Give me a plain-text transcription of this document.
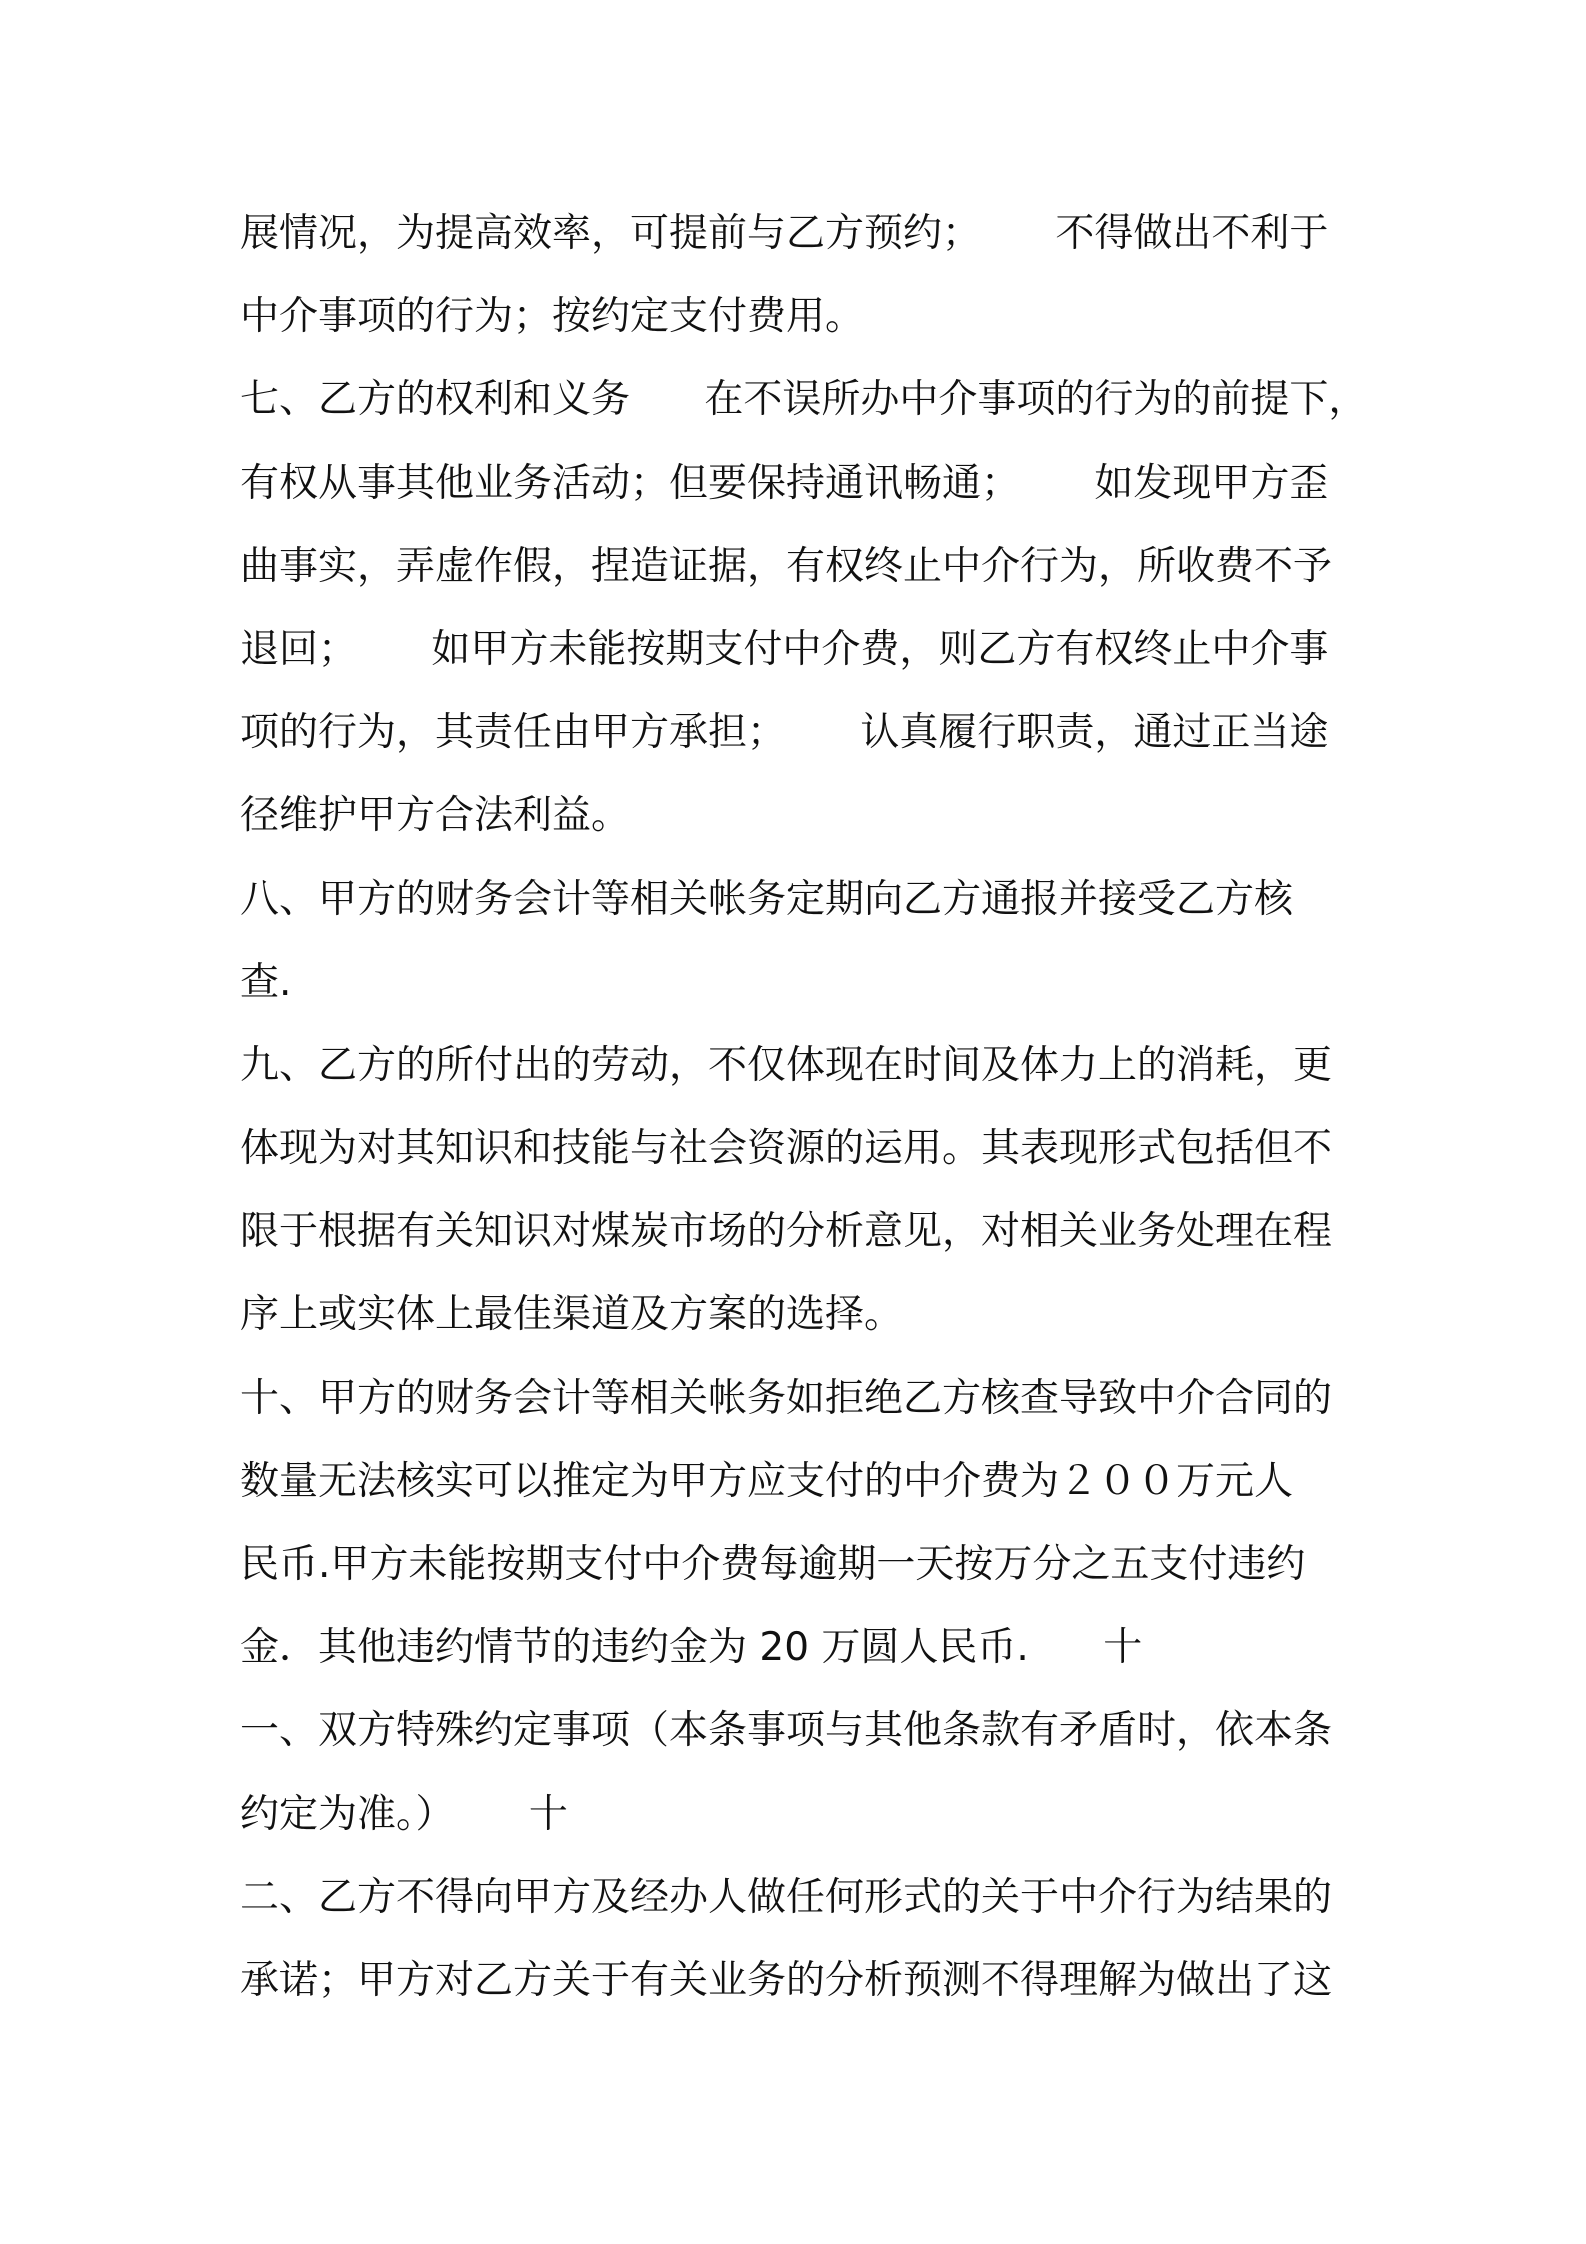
展情况，为提高效率，可提前与乙方预约；      不得做出不利于
中介事项的行为；按约定支付费用。
七、乙方的权利和义务      在不误所办中介事项的行为的前提下，
有权从事其他业务活动；但要保持通讯畅通；      如发现甲方歪
曲事实，弄虚作假，捏造证据，有权终止中介行为，所收费不予
退回；      如甲方未能按期支付中介费，则乙方有权终止中介事
项的行为，其责任由甲方承担；      认真履行职责，通过正当途
径维护甲方合法利益。
八、甲方的财务会计等相关帐务定期向乙方通报并接受乙方核
查.
九、乙方的所付出的劳动，不仅体现在时间及体力上的消耗，更
体现为对其知识和技能与社会资源的运用。其表现形式包括但不
限于根据有关知识对煤炭市场的分析意见，对相关业务处理在程
序上或实体上最佳渠道及方案的选择。
十、甲方的财务会计等相关帐务如拒绝乙方核查导致中介合同的
数量无法核实可以推定为甲方应支付的中介费为２００万元人
民币.甲方未能按期支付中介费每逾期一天按万分之五支付违约
金．其他违约情节的违约金为 20 万圆人民币.      十
一、双方特殊约定事项（本条事项与其他条款有矛盾时，依本条
约定为准。）      十
二、乙方不得向甲方及经办人做任何形式的关于中介行为结果的
承诺；甲方对乙方关于有关业务的分析预测不得理解为做出了这
